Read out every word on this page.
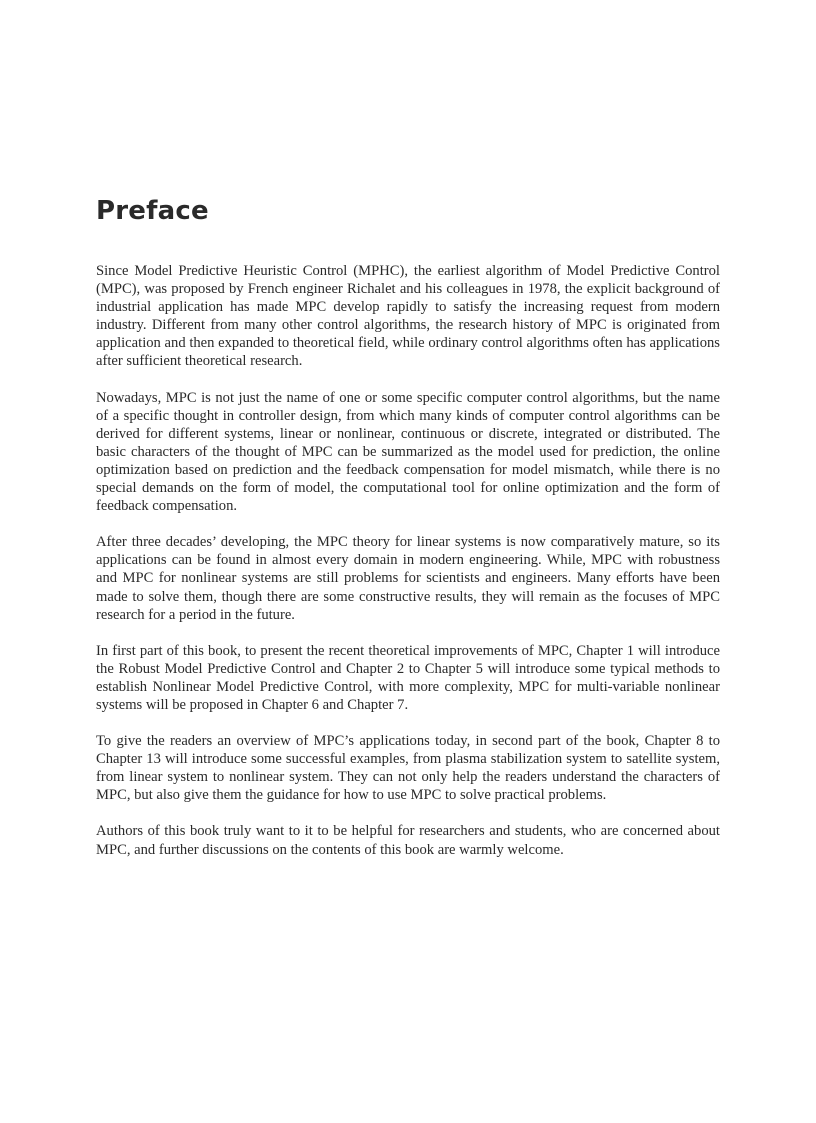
Preface

Since Model Predictive Heuristic Control (MPHC), the earliest algorithm of Model Predictive Control (MPC), was proposed by French engineer Richalet and his colleagues in 1978, the explicit background of industrial application has made MPC develop rapidly to satisfy the increasing request from modern industry. Different from many other control algorithms, the research history of MPC is originated from application and then expanded to theoretical field, while ordinary control algorithms often has applications after sufficient theoretical research.

Nowadays, MPC is not just the name of one or some specific computer control algorithms, but the name of a specific thought in controller design, from which many kinds of computer control algorithms can be derived for different systems, linear or nonlinear, continuous or discrete, integrated or distributed. The basic characters of the thought of MPC can be summarized as the model used for prediction, the online optimization based on prediction and the feedback compensation for model mismatch, while there is no special demands on the form of model, the computational tool for online optimization and the form of feedback compensation.

After three decades’ developing, the MPC theory for linear systems is now comparatively mature, so its applications can be found in almost every domain in modern engineering. While, MPC with robustness and MPC for nonlinear systems are still problems for scientists and engineers. Many efforts have been made to solve them, though there are some constructive results, they will remain as the focuses of MPC research for a period in the future.

In first part of this book, to present the recent theoretical improvements of MPC, Chapter 1 will introduce the Robust Model Predictive Control and Chapter 2 to Chapter 5 will introduce some typical methods to establish Nonlinear Model Predictive Control, with more complexity, MPC for multi-variable nonlinear systems will be proposed in Chapter 6 and Chapter 7.

To give the readers an overview of MPC’s applications today, in second part of the book, Chapter 8 to Chapter 13 will introduce some successful examples, from plasma stabilization system to satellite system, from linear system to nonlinear system. They can not only help the readers understand the characters of MPC, but also give them the guidance for how to use MPC to solve practical problems.

Authors of this book truly want to it to be helpful for researchers and students, who are concerned about MPC, and further discussions on the contents of this book are warmly welcome.
